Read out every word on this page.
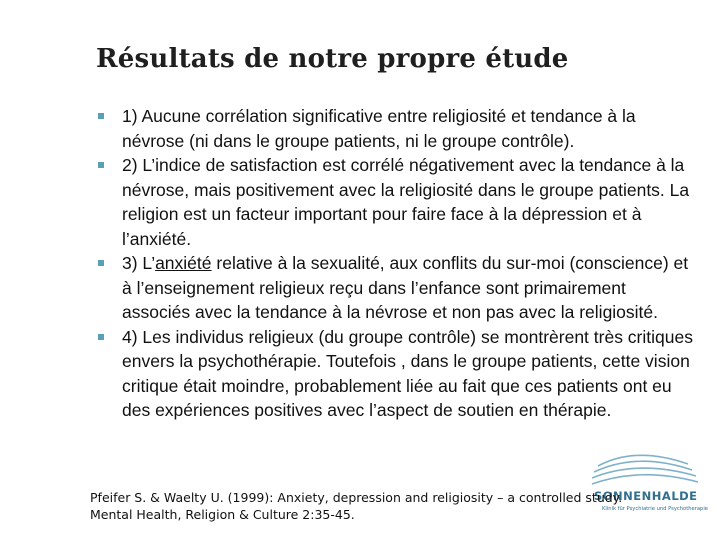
Résultats de notre propre étude
1) Aucune corrélation significative entre religiosité et tendance à la névrose (ni dans le groupe patients, ni le groupe contrôle).
2) L’indice de satisfaction est corrélé négativement avec la tendance à la névrose, mais positivement avec la religiosité dans le groupe patients. La religion est un facteur important pour faire face à la dépression et à l’anxiété.
3) L’anxiété relative à la sexualité, aux conflits du sur-moi (conscience) et à l’enseignement religieux reçu dans l’enfance sont primairement associés avec la tendance à la névrose et non pas avec la religiosité.
4) Les individus religieux (du groupe contrôle) se montrèrent très critiques envers la psychothérapie. Toutefois , dans le groupe patients, cette vision critique était moindre, probablement liée au fait que ces patients ont eu des expériences positives avec l’aspect de soutien en thérapie.
SONNENHALDE
Klinik für Psychiatrie und Psychotherapie
Pfeifer S. & Waelty U. (1999): Anxiety, depression and religiosity – a controlled study.
Mental Health, Religion & Culture 2:35-45.
